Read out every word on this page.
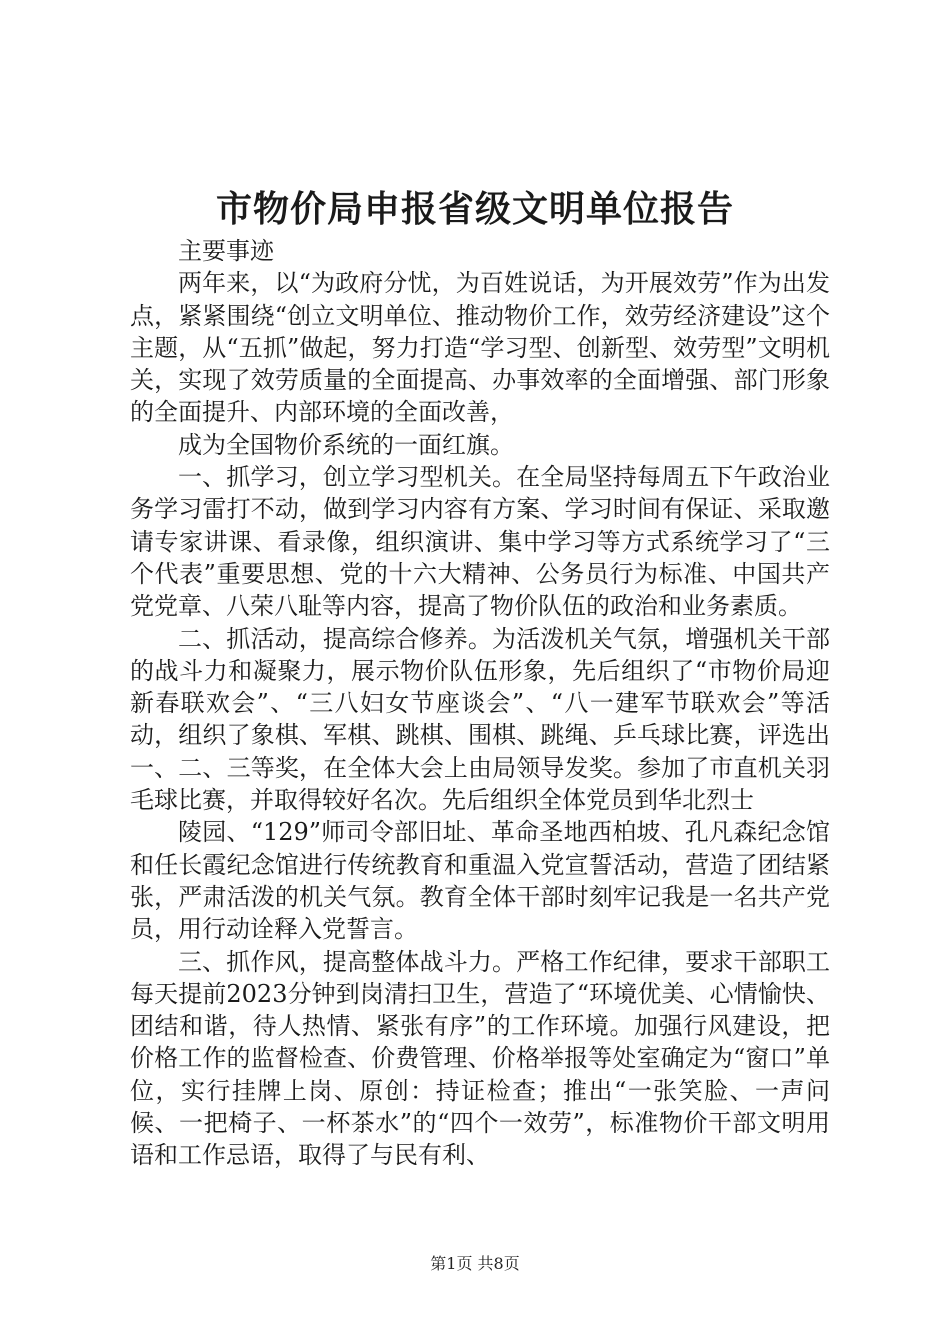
市物价局申报省级文明单位报告

主要事迹

两年来，以“为政府分忧，为百姓说话，为开展效劳”作为出发点，紧紧围绕“创立文明单位、推动物价工作，效劳经济建设”这个主题，从“五抓”做起，努力打造“学习型、创新型、效劳型”文明机关，实现了效劳质量的全面提高、办事效率的全面增强、部门形象的全面提升、内部环境的全面改善，

成为全国物价系统的一面红旗。

一、抓学习，创立学习型机关。在全局坚持每周五下午政治业务学习雷打不动，做到学习内容有方案、学习时间有保证、采取邀请专家讲课、看录像，组织演讲、集中学习等方式系统学习了“三个代表”重要思想、党的十六大精神、公务员行为标准、中国共产党党章、八荣八耻等内容，提高了物价队伍的政治和业务素质。

二、抓活动，提高综合修养。为活泼机关气氛，增强机关干部的战斗力和凝聚力，展示物价队伍形象，先后组织了“市物价局迎新春联欢会”、“三八妇女节座谈会”、“八一建军节联欢会”等活动，组织了象棋、军棋、跳棋、围棋、跳绳、乒乓球比赛，评选出一、二、三等奖，在全体大会上由局领导发奖。参加了市直机关羽毛球比赛，并取得较好名次。先后组织全体党员到华北烈士

陵园、“129”师司令部旧址、革命圣地西柏坡、孔凡森纪念馆和任长霞纪念馆进行传统教育和重温入党宣誓活动，营造了团结紧张，严肃活泼的机关气氛。教育全体干部时刻牢记我是一名共产党员，用行动诠释入党誓言。

三、抓作风，提高整体战斗力。严格工作纪律，要求干部职工每天提前2023分钟到岗清扫卫生，营造了“环境优美、心情愉快、团结和谐，待人热情、紧张有序”的工作环境。加强行风建设，把价格工作的监督检查、价费管理、价格举报等处室确定为“窗口”单位，实行挂牌上岗、原创：持证检查；推出“一张笑脸、一声问候、一把椅子、一杯茶水”的“四个一效劳”，标准物价干部文明用语和工作忌语，取得了与民有利、

第1页 共8页
